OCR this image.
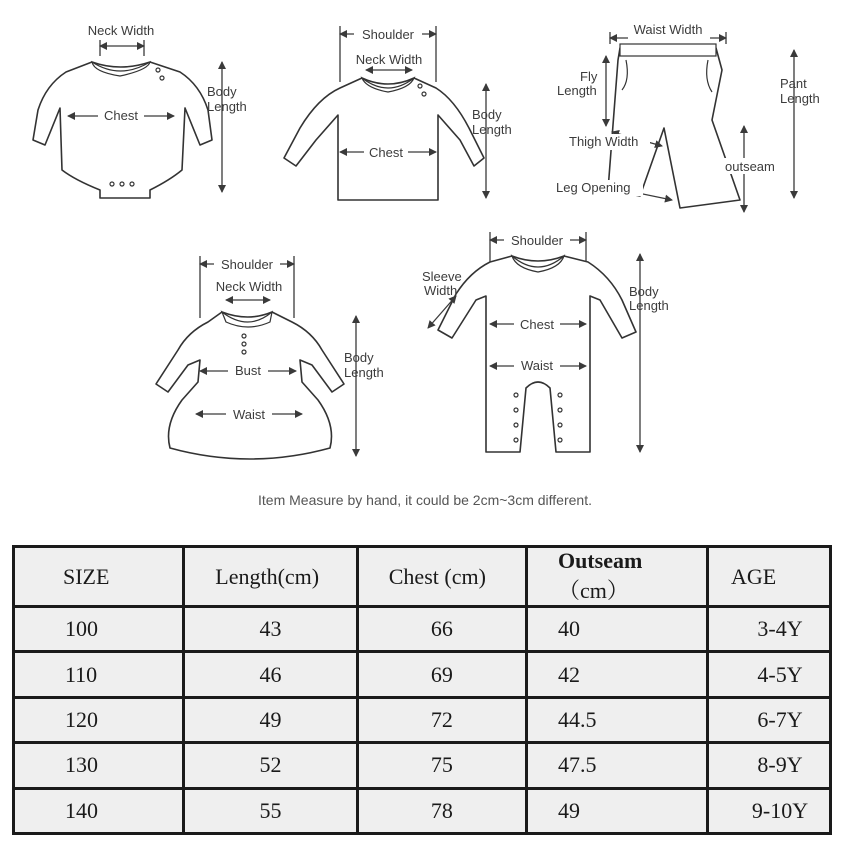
Neck Width
Chest
Body
Length
Shoulder
Neck Width
Chest
Body
Length
Waist Width
Fly
Length	Pant
Length
Thigh Width
outseam
Leg Opening
Shoulder
Neck Width
Bust
Waist
Body
Length
Shoulder
Sleeve
Width
Chest
Waist
Body
Length
Item Measure by hand, it could be 2cm~3cm different.
SIZE	Length(cm)	Chest (cm)	Outseam（cm）	AGE
100	43	66	40	3-4Y
110	46	69	42	4-5Y
120	49	72	44.5	6-7Y
130	52	75	47.5	8-9Y
140	55	78	49	9-10Y
